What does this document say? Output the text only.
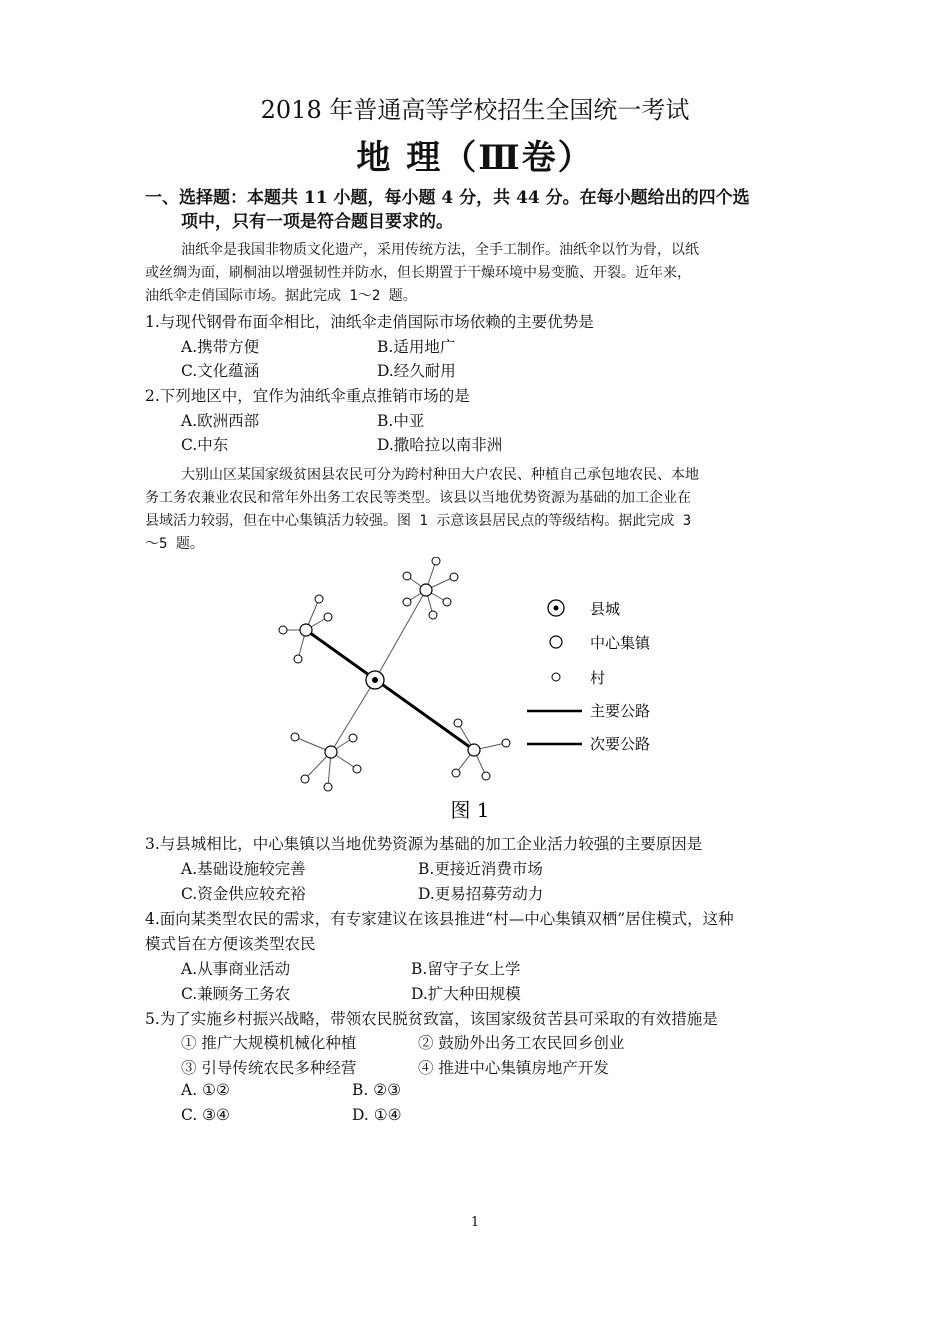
2018 年普通高等学校招生全国统一考试
地 理（Ⅲ卷）
一、选择题：本题共 11 小题，每小题 4 分，共 44 分。在每小题给出的四个选
项中，只有一项是符合题目要求的。
油纸伞是我国非物质文化遗产，采用传统方法，全手工制作。油纸伞以竹为骨，以纸
或丝绸为面，刷桐油以增强韧性并防水，但长期置于干燥环境中易变脆、开裂。近年来，
油纸伞走俏国际市场。据此完成 1～2 题。
1.与现代钢骨布面伞相比，油纸伞走俏国际市场依赖的主要优势是
A.携带方便	B.适用地广
C.文化蕴涵	D.经久耐用
2.下列地区中，宜作为油纸伞重点推销市场的是
A.欧洲西部	B.中亚
C.中东	D.撒哈拉以南非洲
大别山区某国家级贫困县农民可分为跨村种田大户农民、种植自己承包地农民、本地
务工务农兼业农民和常年外出务工农民等类型。该县以当地优势资源为基础的加工企业在
县域活力较弱，但在中心集镇活力较强。图 1 示意该县居民点的等级结构。据此完成 3
～5 题。
县城
中心集镇
村
主要公路
次要公路
图 1
3.与县城相比，中心集镇以当地优势资源为基础的加工企业活力较强的主要原因是
A.基础设施较完善	B.更接近消费市场
C.资金供应较充裕	D.更易招募劳动力
4.面向某类型农民的需求，有专家建议在该县推进“村—中心集镇双栖”居住模式，这种
模式旨在方便该类型农民
A.从事商业活动	B.留守子女上学
C.兼顾务工务农	D.扩大种田规模
5.为了实施乡村振兴战略，带领农民脱贫致富，该国家级贫苦县可采取的有效措施是
① 推广大规模机械化种植	② 鼓励外出务工农民回乡创业
③ 引导传统农民多种经营	④ 推进中心集镇房地产开发
A. ①②	B. ②③
C. ③④	D. ①④
1
